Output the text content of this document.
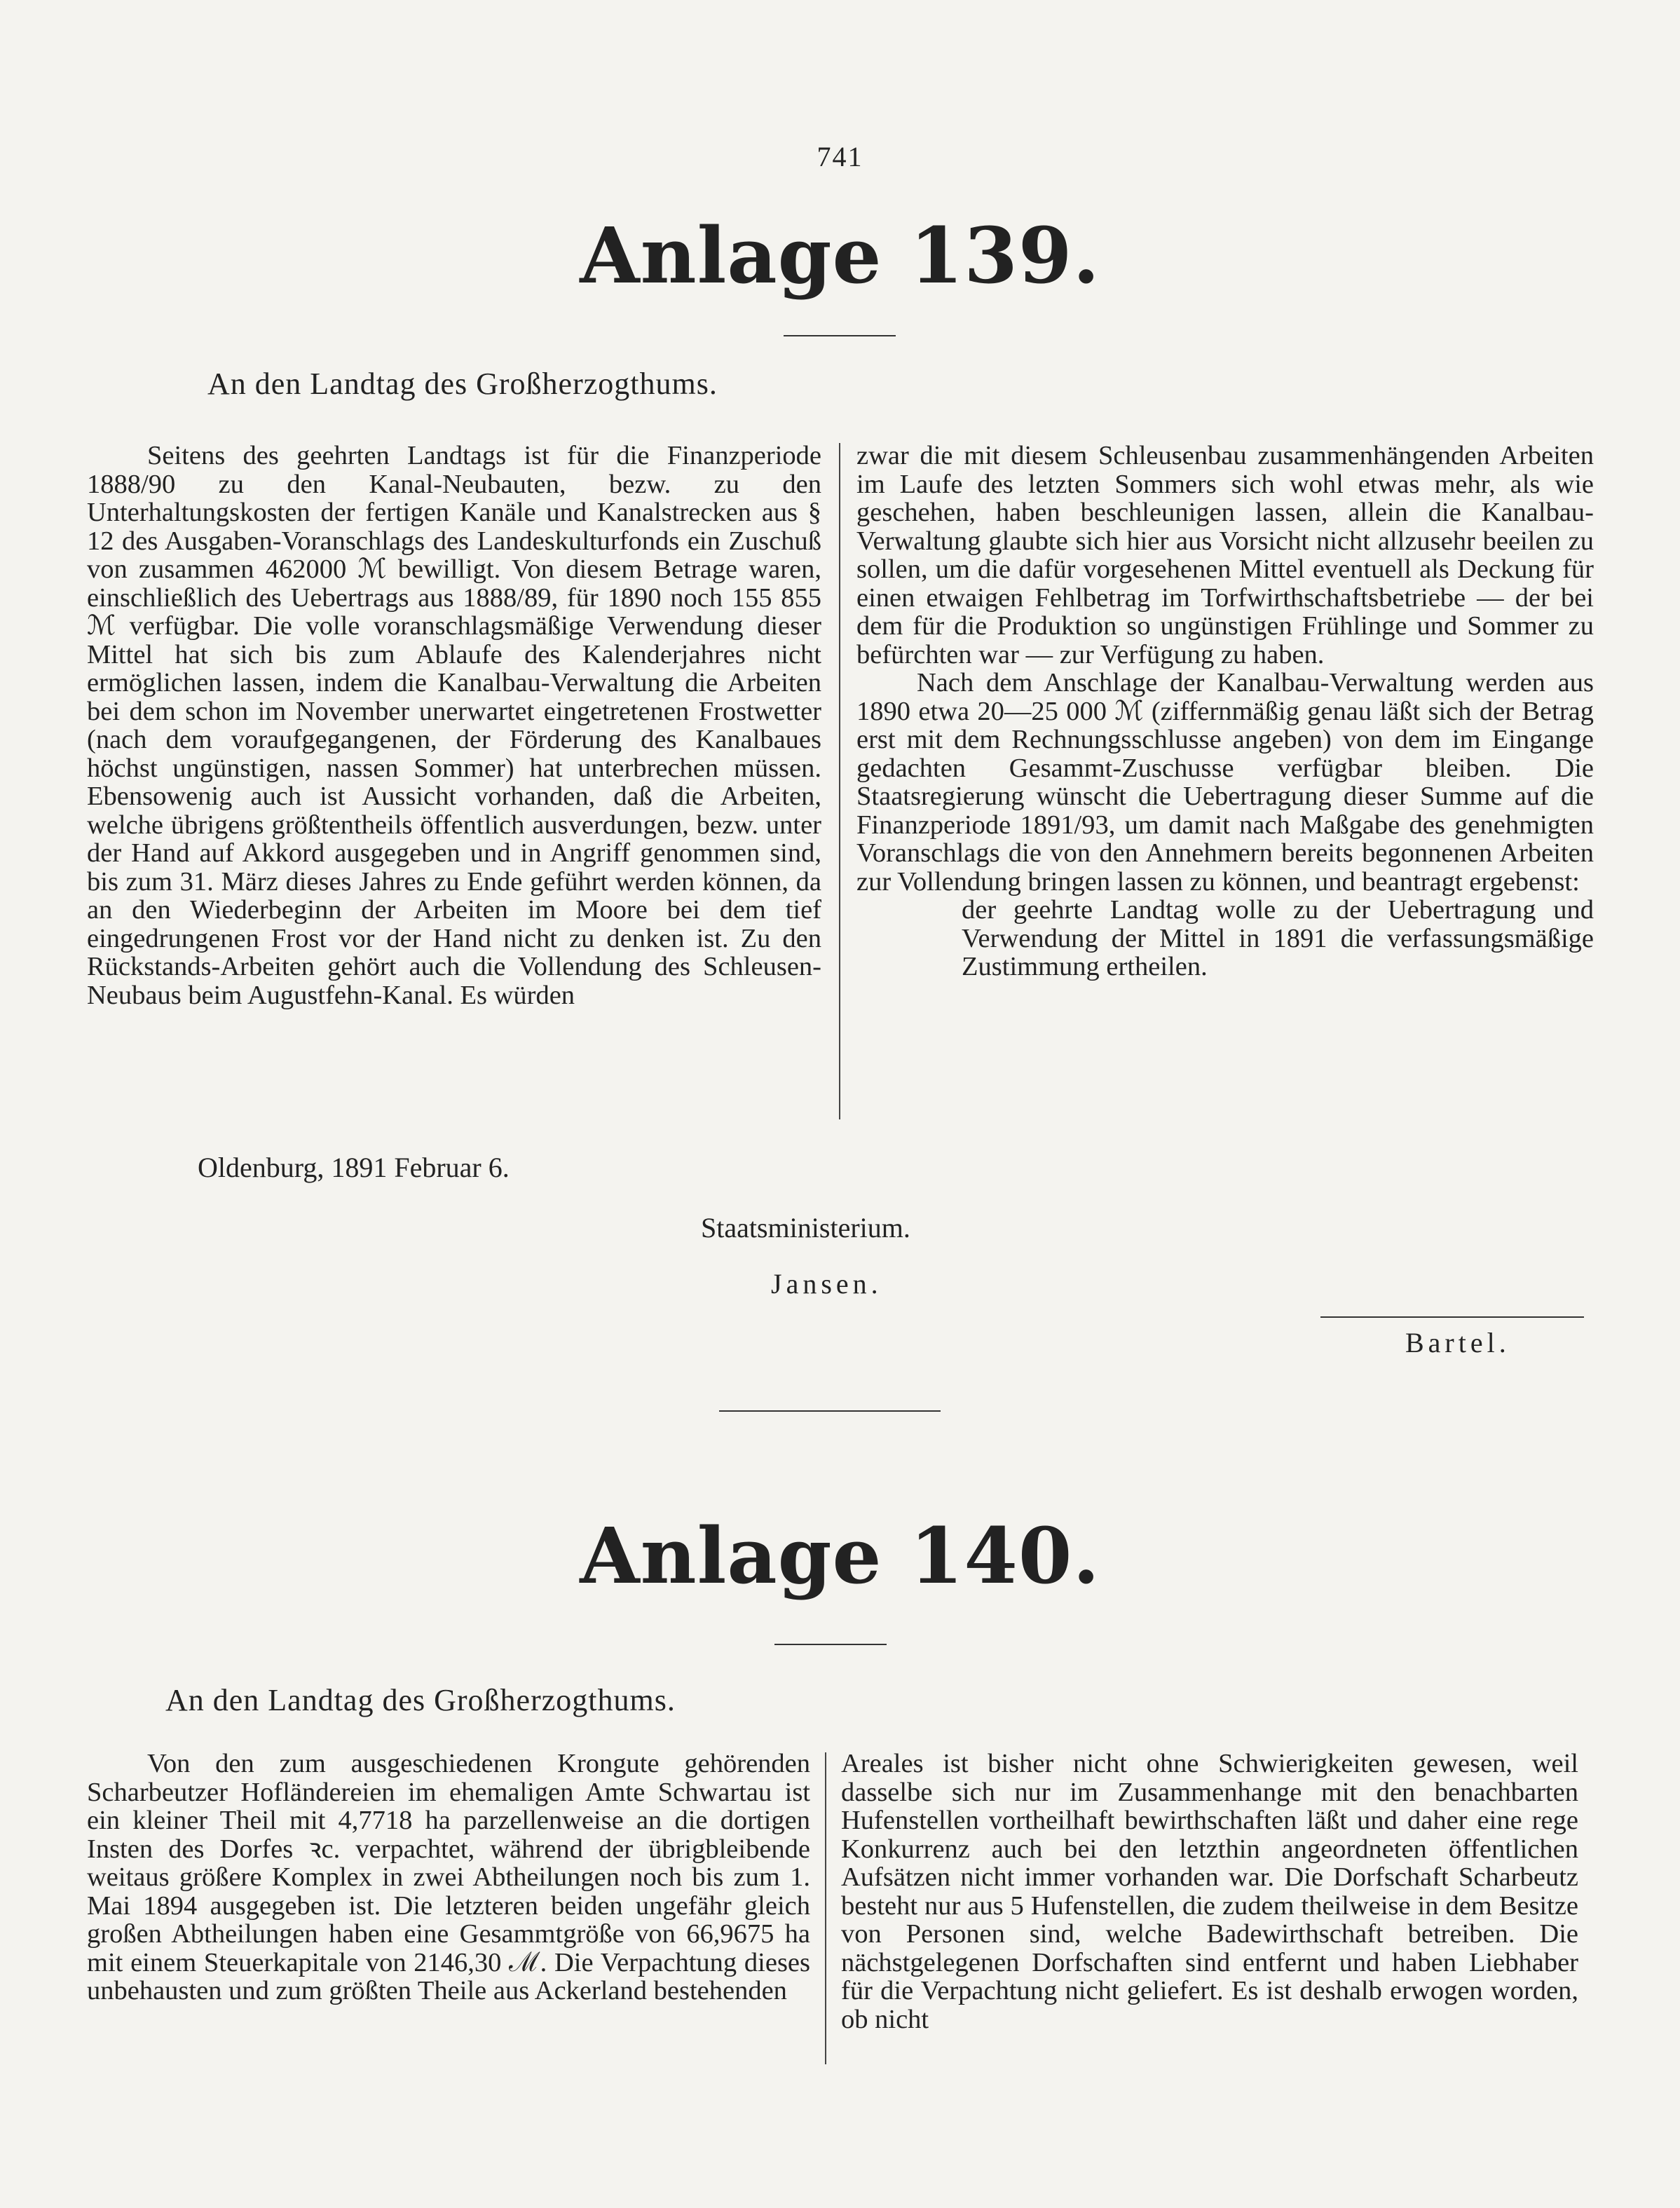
741
Anlage 139.
An den Landtag des Großherzogthums.

Seitens des geehrten Landtags ist für die Finanzperiode 1888/90 zu den Kanal-Neubauten, bezw. zu den Unterhaltungskosten der fertigen Kanäle und Kanalstrecken aus § 12 des Ausgaben-Voranschlags des Landeskulturfonds ein Zuschuß von zusammen 462000 ℳ bewilligt. Von diesem Betrage waren, einschließlich des Uebertrags aus 1888/89, für 1890 noch 155 855 ℳ verfügbar. Die volle voranschlagsmäßige Verwendung dieser Mittel hat sich bis zum Ablaufe des Kalenderjahres nicht ermöglichen lassen, indem die Kanalbau-Verwaltung die Arbeiten bei dem schon im November unerwartet eingetretenen Frostwetter (nach dem voraufgegangenen, der Förderung des Kanalbaues höchst ungünstigen, nassen Sommer) hat unterbrechen müssen. Ebensowenig auch ist Aussicht vorhanden, daß die Arbeiten, welche übrigens größtentheils öffentlich ausverdungen, bezw. unter der Hand auf Akkord ausgegeben und in Angriff genommen sind, bis zum 31. März dieses Jahres zu Ende geführt werden können, da an den Wiederbeginn der Arbeiten im Moore bei dem tief eingedrungenen Frost vor der Hand nicht zu denken ist. Zu den Rückstands-Arbeiten gehört auch die Vollendung des Schleusen-Neubaus beim Augustfehn-Kanal. Es würden

zwar die mit diesem Schleusenbau zusammenhängenden Arbeiten im Laufe des letzten Sommers sich wohl etwas mehr, als wie geschehen, haben beschleunigen lassen, allein die Kanalbau-Verwaltung glaubte sich hier aus Vorsicht nicht allzusehr beeilen zu sollen, um die dafür vorgesehenen Mittel eventuell als Deckung für einen etwaigen Fehlbetrag im Torfwirthschaftsbetriebe — der bei dem für die Produktion so ungünstigen Frühlinge und Sommer zu befürchten war — zur Verfügung zu haben.

Nach dem Anschlage der Kanalbau-Verwaltung werden aus 1890 etwa 20—25 000 ℳ (ziffernmäßig genau läßt sich der Betrag erst mit dem Rechnungsschlusse angeben) von dem im Eingange gedachten Gesammt-Zuschusse verfügbar bleiben. Die Staatsregierung wünscht die Uebertragung dieser Summe auf die Finanzperiode 1891/93, um damit nach Maßgabe des genehmigten Voranschlags die von den Annehmern bereits begonnenen Arbeiten zur Vollendung bringen lassen zu können, und beantragt ergebenst:

der geehrte Landtag wolle zu der Uebertragung und Verwendung der Mittel in 1891 die verfassungsmäßige Zustimmung ertheilen.

Oldenburg, 1891 Februar 6.
Staatsministerium.
Jansen.
Bartel.
Anlage 140.
An den Landtag des Großherzogthums.

Von den zum ausgeschiedenen Krongute gehörenden Scharbeutzer Hofländereien im ehemaligen Amte Schwartau ist ein kleiner Theil mit 4,7718 ha parzellenweise an die dortigen Insten des Dorfes ꝛc. verpachtet, während der übrigbleibende weitaus größere Komplex in zwei Abtheilungen noch bis zum 1. Mai 1894 ausgegeben ist. Die letzteren beiden ungefähr gleich großen Abtheilungen haben eine Gesammtgröße von 66,9675 ha mit einem Steuerkapitale von 2146,30 ℳ. Die Verpachtung dieses unbehausten und zum größten Theile aus Ackerland bestehenden

Areales ist bisher nicht ohne Schwierigkeiten gewesen, weil dasselbe sich nur im Zusammenhange mit den benachbarten Hufenstellen vortheilhaft bewirthschaften läßt und daher eine rege Konkurrenz auch bei den letzthin angeordneten öffentlichen Aufsätzen nicht immer vorhanden war. Die Dorfschaft Scharbeutz besteht nur aus 5 Hufenstellen, die zudem theilweise in dem Besitze von Personen sind, welche Badewirthschaft betreiben. Die nächstgelegenen Dorfschaften sind entfernt und haben Liebhaber für die Verpachtung nicht geliefert. Es ist deshalb erwogen worden, ob nicht
